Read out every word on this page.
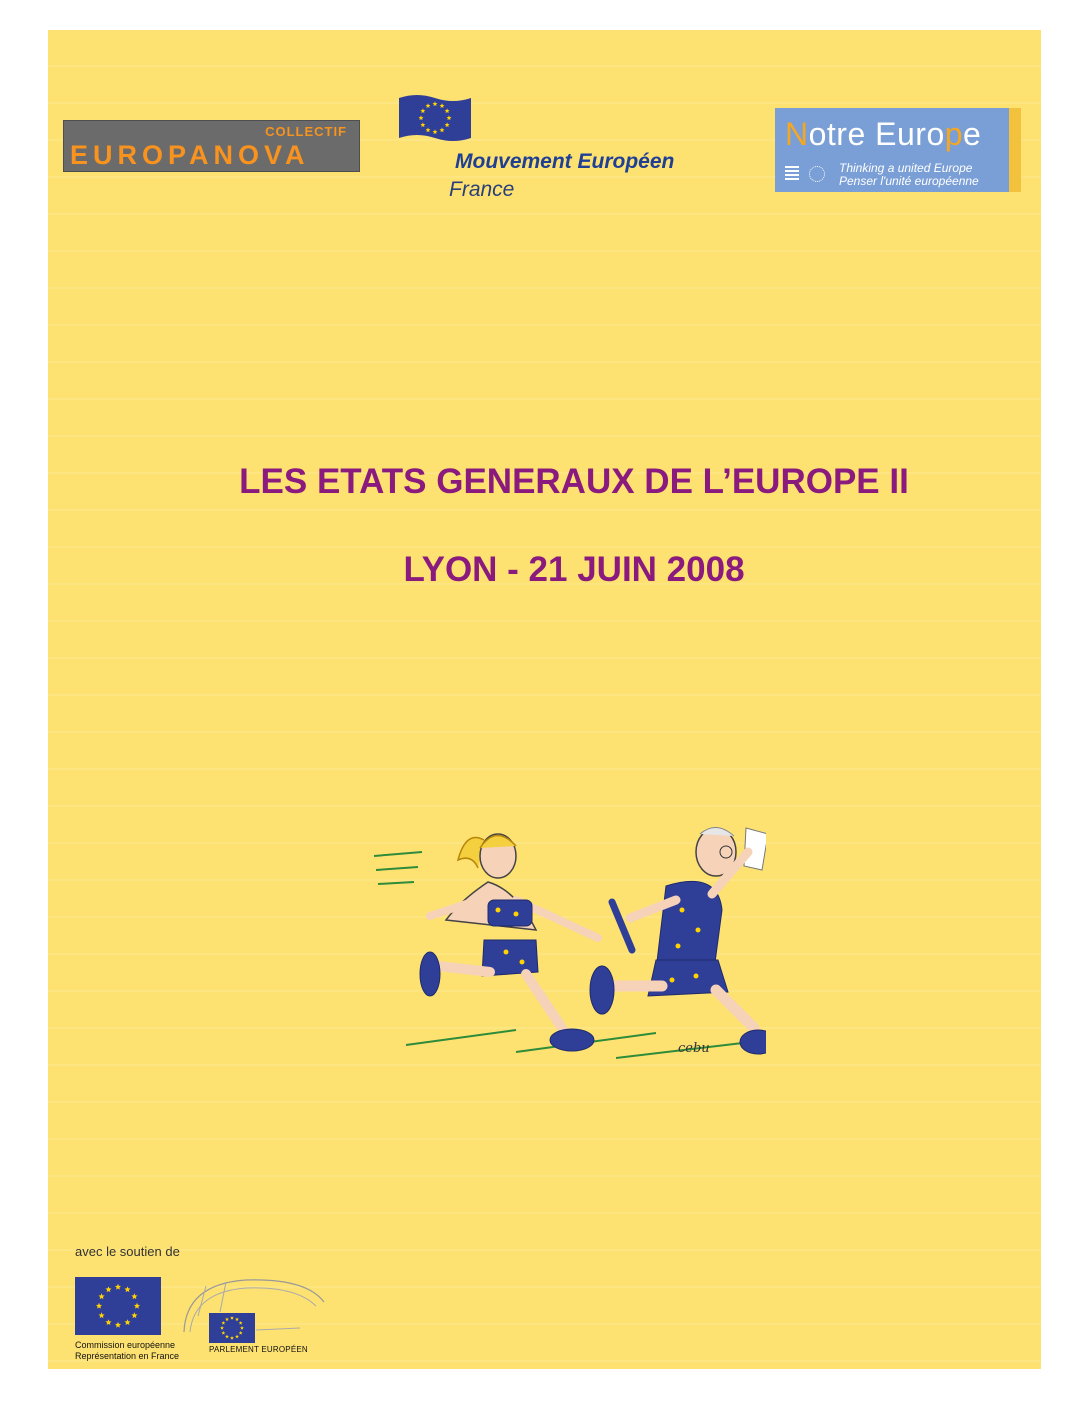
COLLECTIF
EUROPANOVA	Mouvement Européen
France
Notre Europe
Thinking a united Europe
Penser l'unité européenne
LES ETATS GENERAUX DE L’EUROPE II
LYON - 21 JUIN 2008
cebu
avec le soutien de
Commission européenne
Représentation en France
PARLEMENT EUROPÉEN
